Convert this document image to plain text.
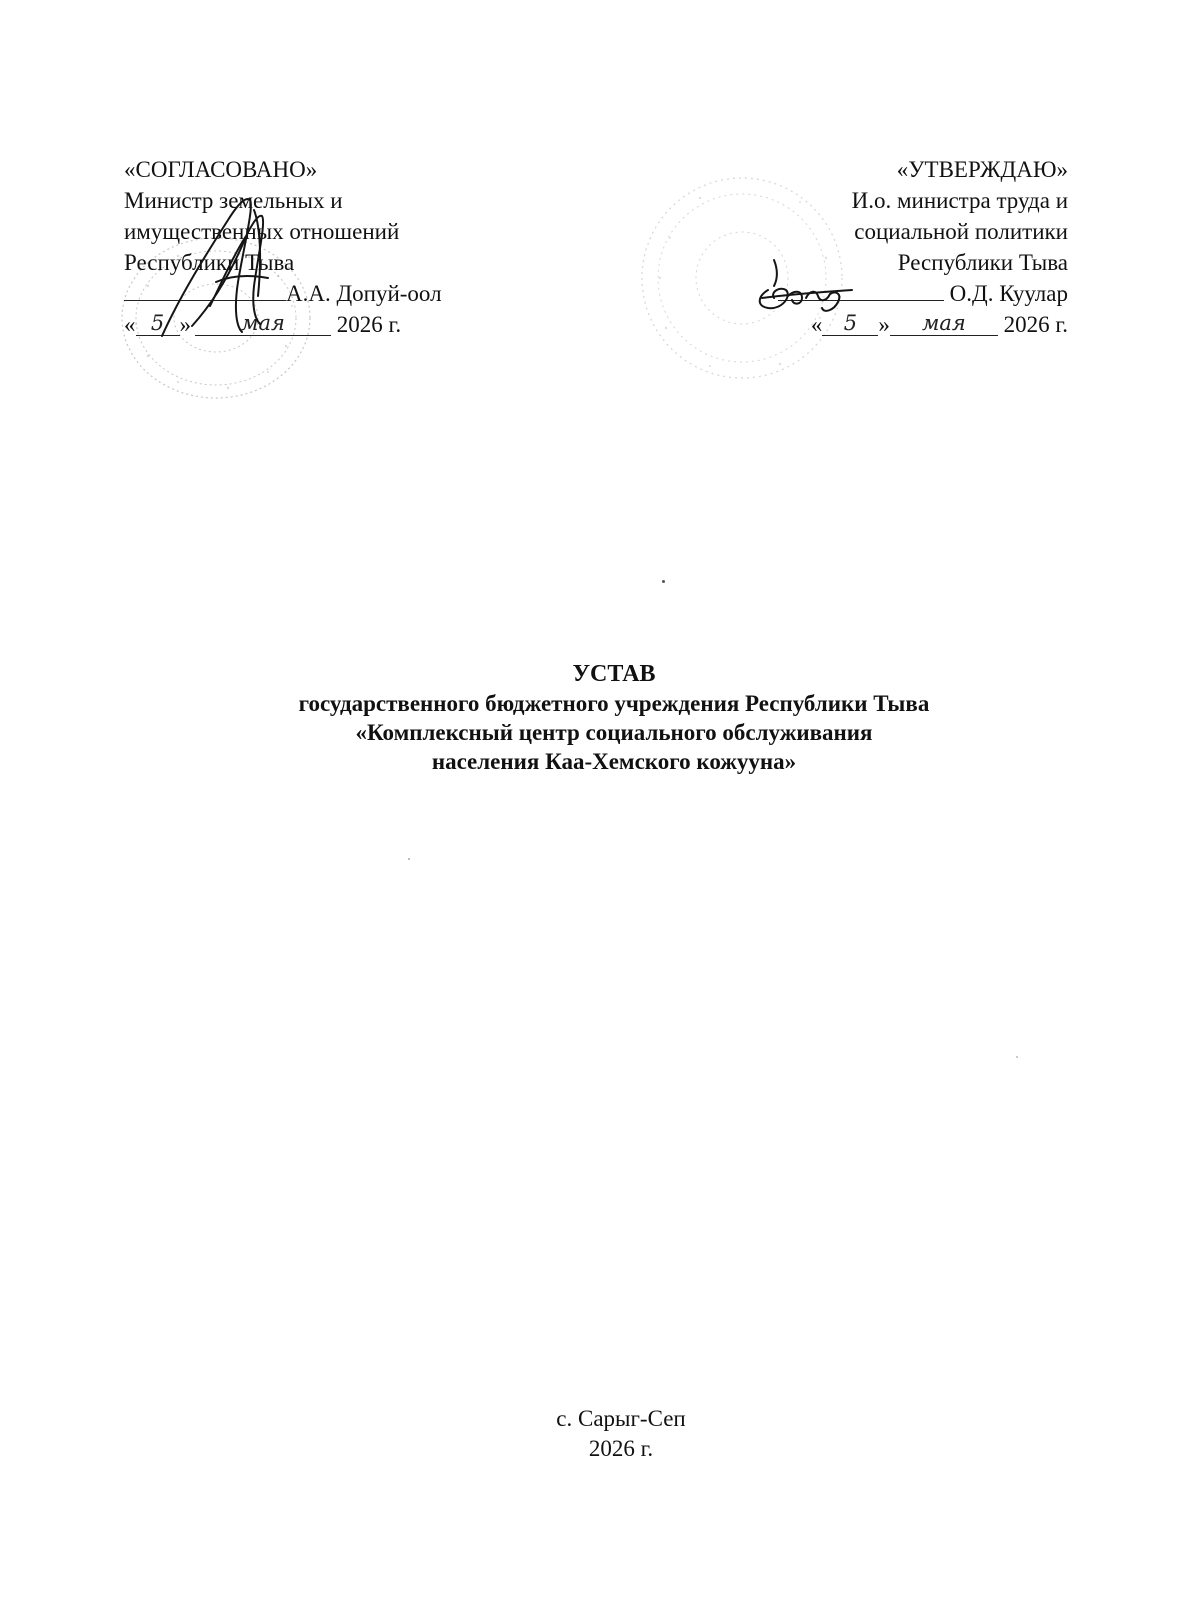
«СОГЛАСОВАНО»
Министр земельных и
имущественных отношений
Республики Тыва
А.А. Допуй-оол
« 5 » мая 2026 г.
«УТВЕРЖДАЮ»
И.о. министра труда и
социальной политики
Республики Тыва
О.Д. Куулар
« 5 » мая 2026 г.
УСТАВ
государственного бюджетного учреждения Республики Тыва
«Комплексный центр социального обслуживания
населения Каа-Хемского кожууна»
с. Сарыг-Сеп
2026 г.
